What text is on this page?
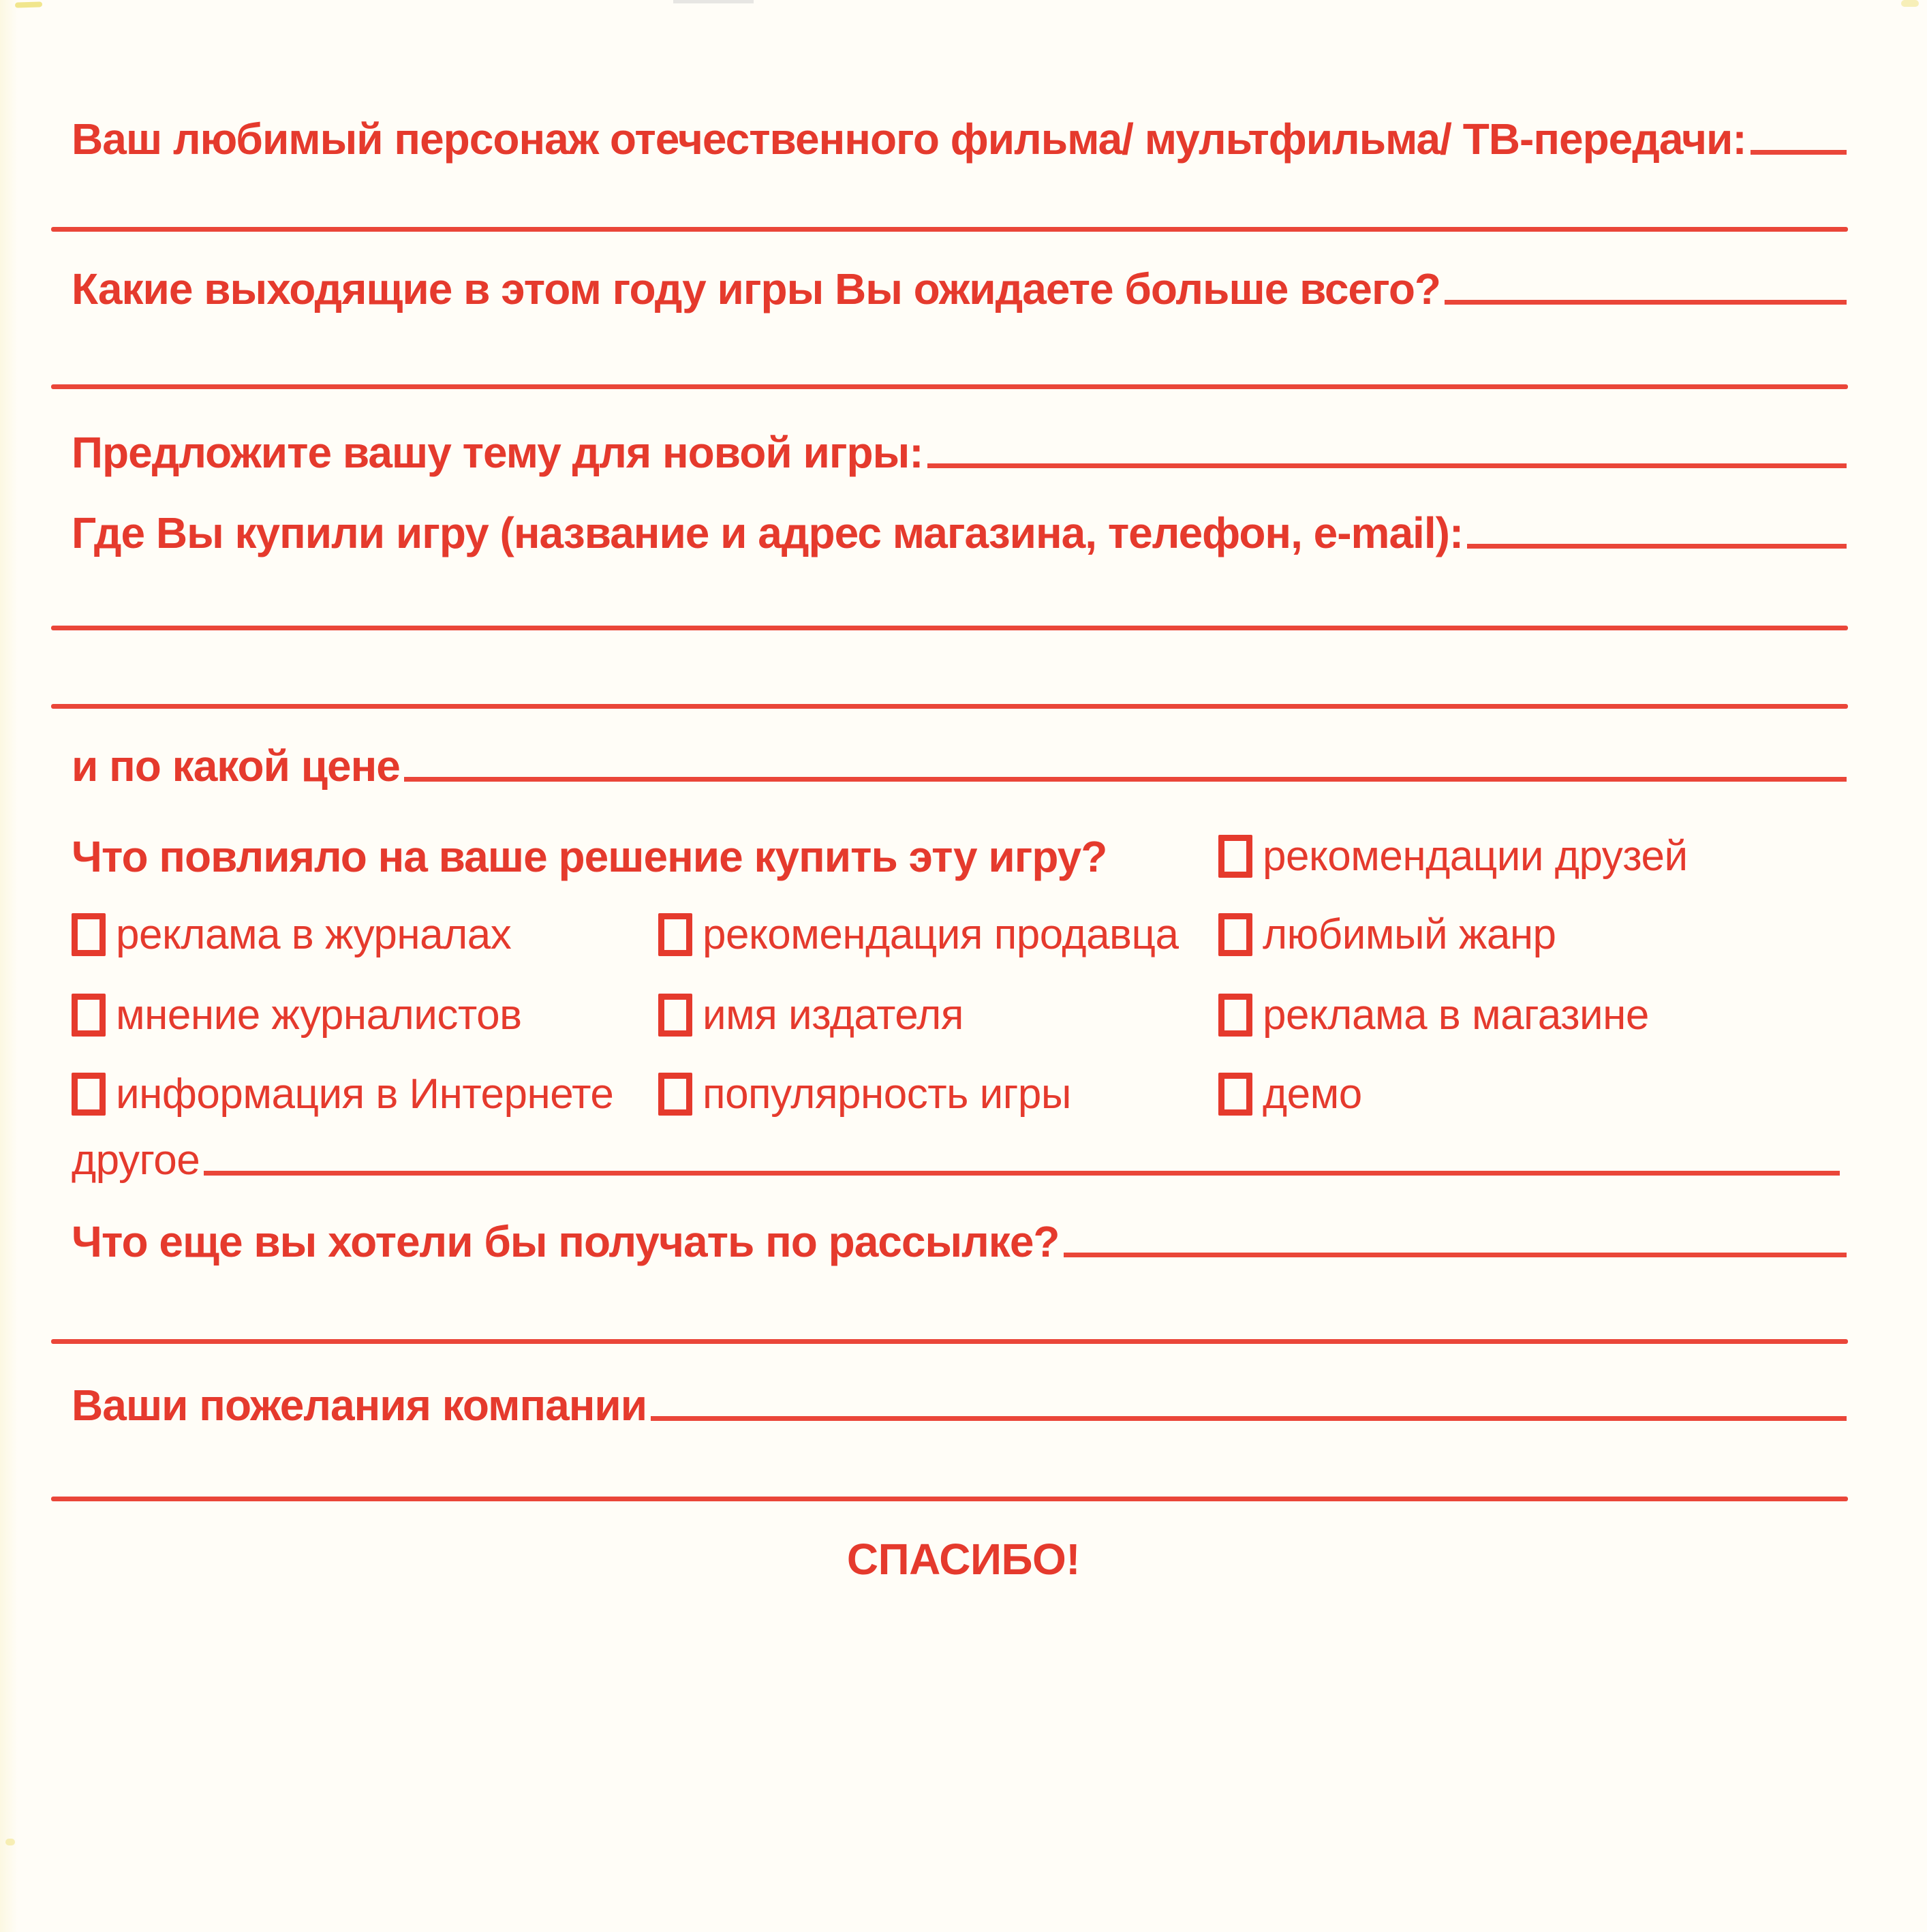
Ваш любимый персонаж отечественного фильма/ мультфильма/ ТВ-передачи:
Какие выходящие в этом году игры Вы ожидаете больше всего?
Предложите вашу тему для новой игры:
Где Вы купили игру (название и адрес магазина, телефон, e-mail):
и по какой цене
Что повлияло на ваше решение купить эту игру?	рекомендации друзей
любимый жанр
реклама в магазине
демо
реклама в журналах
мнение журналистов
информация в Интернете
рекомендация продавца
имя издателя
популярность игры
другое
Что еще вы хотели бы получать по рассылке?
Ваши пожелания компании
СПАСИБО!
